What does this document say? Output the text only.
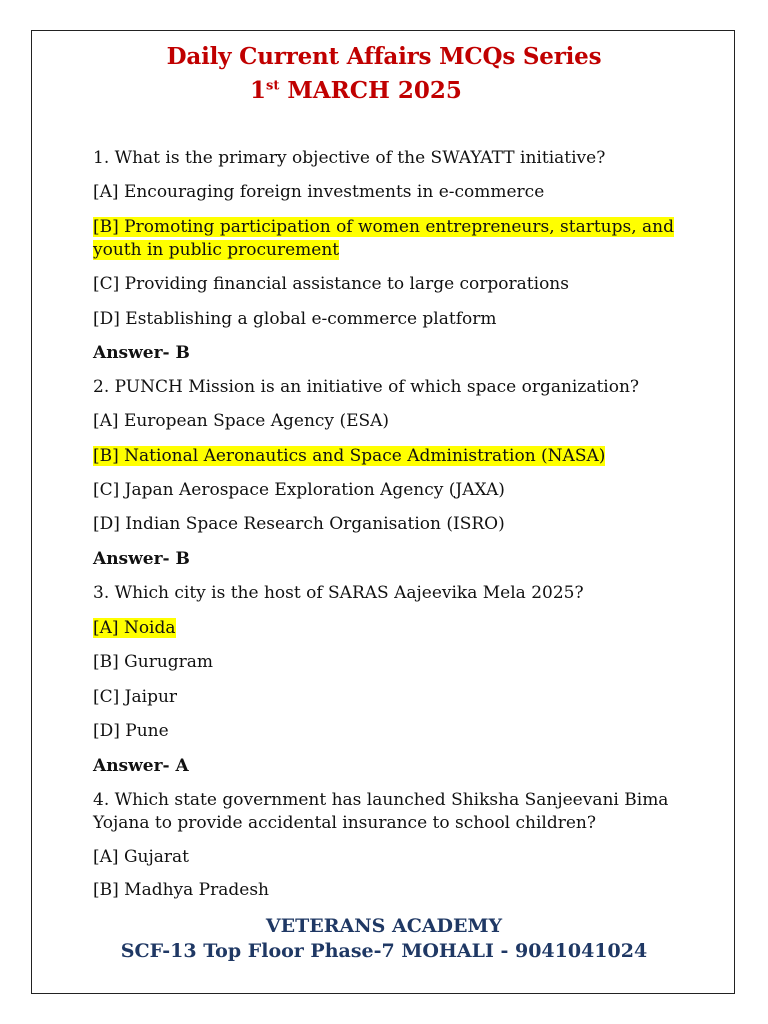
Daily Current Affairs MCQs Series
1st MARCH 2025
1. What is the primary objective of the SWAYATT initiative?
[A] Encouraging foreign investments in e-commerce
[B] Promoting participation of women entrepreneurs, startups, and
youth in public procurement
[C] Providing financial assistance to large corporations
[D] Establishing a global e-commerce platform
Answer- B
2. PUNCH Mission is an initiative of which space organization?
[A] European Space Agency (ESA)
[B] National Aeronautics and Space Administration (NASA)
[C] Japan Aerospace Exploration Agency (JAXA)
[D] Indian Space Research Organisation (ISRO)
Answer- B
3. Which city is the host of SARAS Aajeevika Mela 2025?
[A] Noida
[B] Gurugram
[C] Jaipur
[D] Pune
Answer- A
4. Which state government has launched Shiksha Sanjeevani Bima
Yojana to provide accidental insurance to school children?
[A] Gujarat
[B] Madhya Pradesh
VETERANS ACADEMY
SCF-13 Top Floor Phase-7 MOHALI - 9041041024
